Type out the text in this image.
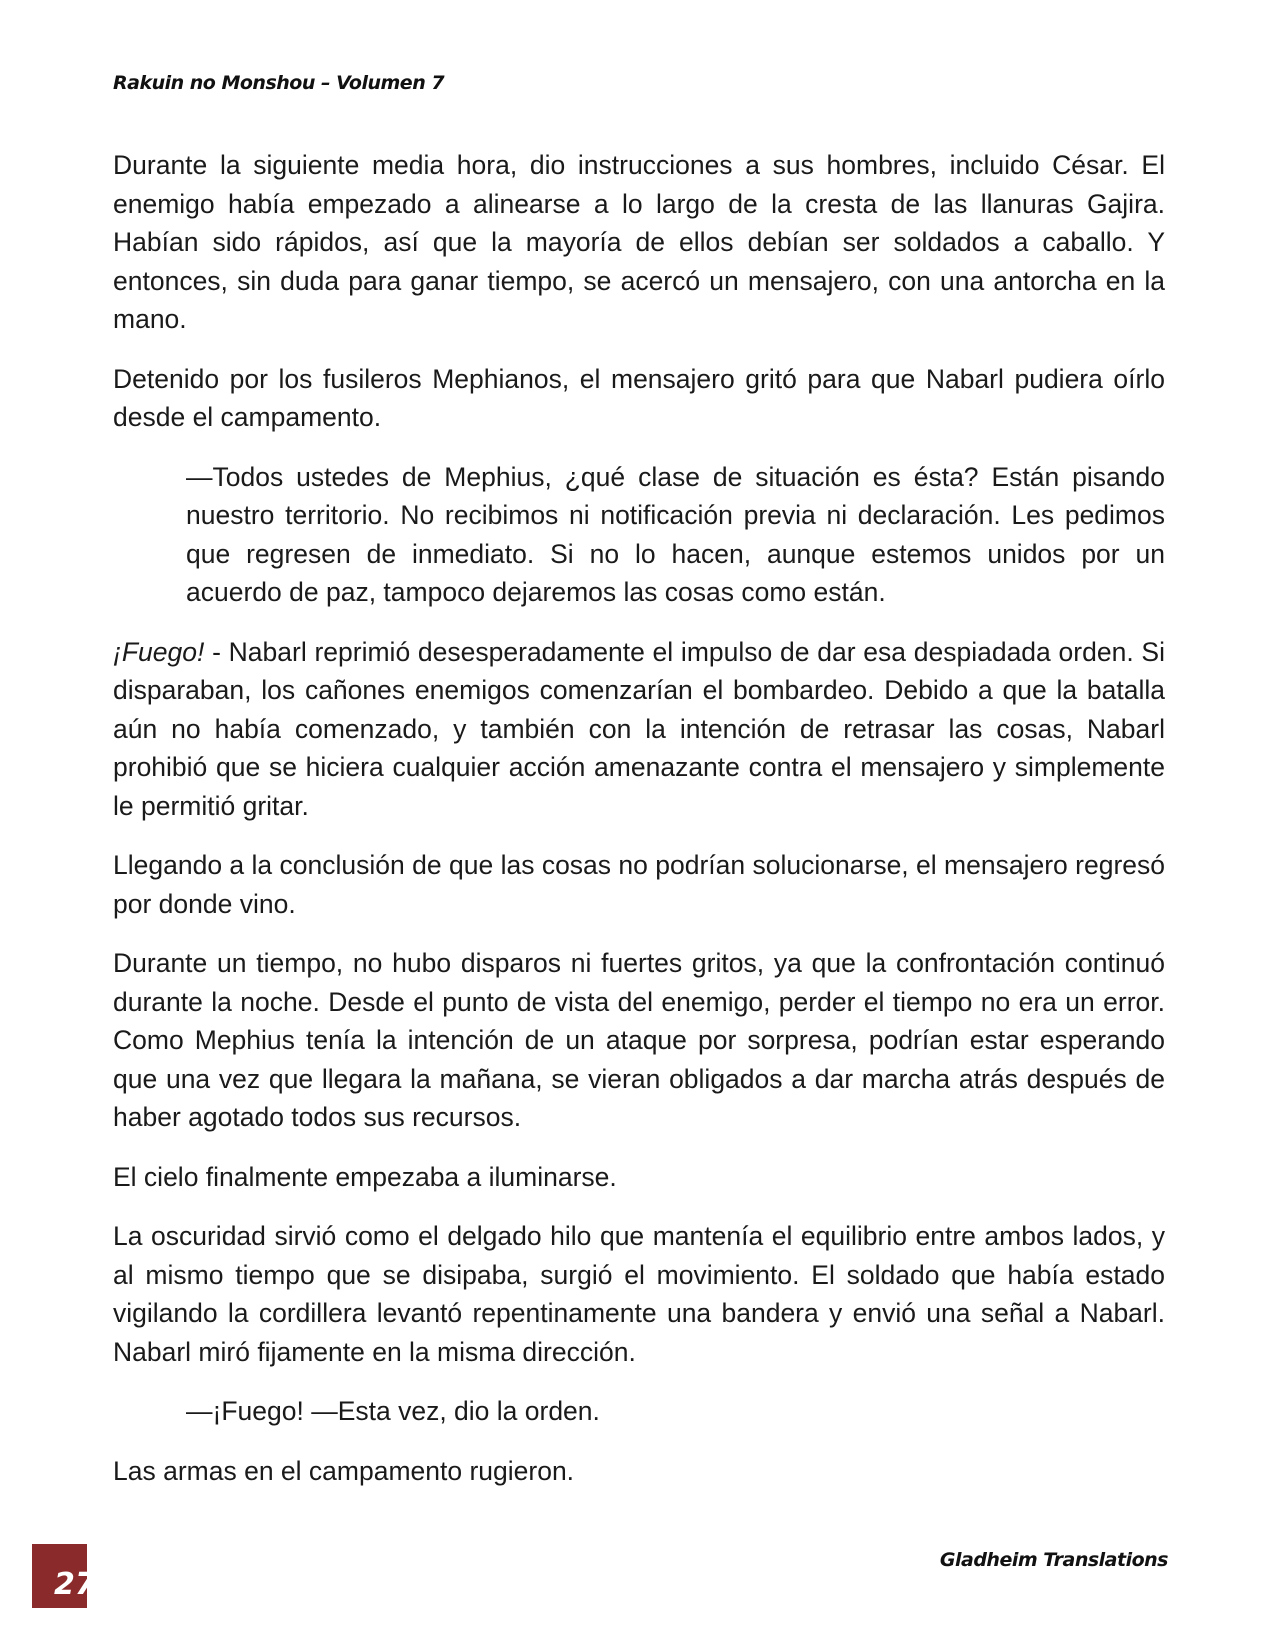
Rakuin no Monshou – Volumen 7

Durante la siguiente media hora, dio instrucciones a sus hombres, incluido César. El enemigo había empezado a alinearse a lo largo de la cresta de las llanuras Gajira. Habían sido rápidos, así que la mayoría de ellos debían ser soldados a caballo. Y entonces, sin duda para ganar tiempo, se acercó un mensajero, con una antorcha en la mano.

Detenido por los fusileros Mephianos, el mensajero gritó para que Nabarl pudiera oírlo desde el campamento.

—Todos ustedes de Mephius, ¿qué clase de situación es ésta? Están pisando nuestro territorio. No recibimos ni notificación previa ni declaración. Les pedimos que regresen de inmediato. Si no lo hacen, aunque estemos unidos por un acuerdo de paz, tampoco dejaremos las cosas como están.

¡Fuego! - Nabarl reprimió desesperadamente el impulso de dar esa despiadada orden. Si disparaban, los cañones enemigos comenzarían el bombardeo. Debido a que la batalla aún no había comenzado, y también con la intención de retrasar las cosas, Nabarl prohibió que se hiciera cualquier acción amenazante contra el mensajero y simplemente le permitió gritar.

Llegando a la conclusión de que las cosas no podrían solucionarse, el mensajero regresó por donde vino.

Durante un tiempo, no hubo disparos ni fuertes gritos, ya que la confrontación continuó durante la noche. Desde el punto de vista del enemigo, perder el tiempo no era un error. Como Mephius tenía la intención de un ataque por sorpresa, podrían estar esperando que una vez que llegara la mañana, se vieran obligados a dar marcha atrás después de haber agotado todos sus recursos.

El cielo finalmente empezaba a iluminarse.

La oscuridad sirvió como el delgado hilo que mantenía el equilibrio entre ambos lados, y al mismo tiempo que se disipaba, surgió el movimiento. El soldado que había estado vigilando la cordillera levantó repentinamente una bandera y envió una señal a Nabarl. Nabarl miró fijamente en la misma dirección.

—¡Fuego! —Esta vez, dio la orden.

Las armas en el campamento rugieron.

27
Gladheim Translations
